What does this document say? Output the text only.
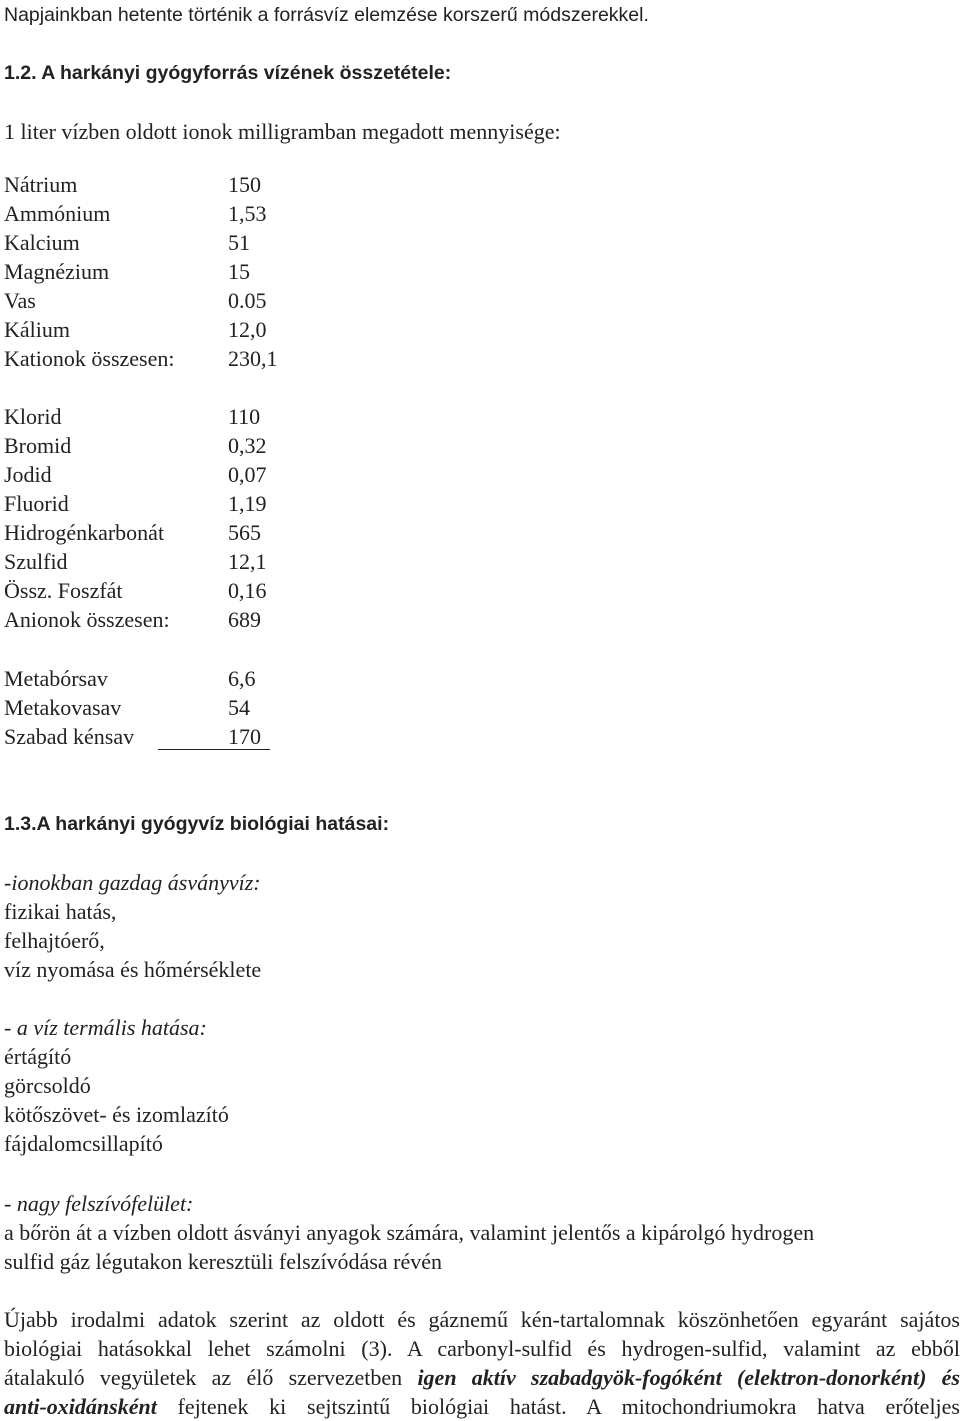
Napjainkban hetente történik a forrásvíz elemzése korszerű módszerekkel.
1.2. A harkányi gyógyforrás vízének összetétele:
1 liter vízben oldott ionok milligramban megadott mennyisége:
Nátrium	150
Ammónium	1,53
Kalcium	51
Magnézium	15
Vas	0.05
Kálium	12,0
Kationok összesen: 230,1
Klorid	110
Bromid	0,32
Jodid	0,07
Fluorid	1,19
Hidrogénkarbonát	565
Szulfid	12,1
Össz. Foszfát	0,16
Anionok összesen:	689
Metabórsav	6,6
Metakovasav	54
Szabad kénsav	170
1.3.A harkányi gyógyvíz biológiai hatásai:
-ionokban gazdag ásványvíz:
fizikai hatás,
felhajtóerő,
víz nyomása és hőmérséklete
- a víz termális hatása:
értágító
görcsoldó
kötőszövet- és izomlazító
fájdalomcsillapító
- nagy felszívófelület:
a bőrön át a vízben oldott ásványi anyagok számára, valamint jelentős a kipárolgó hydrogen
sulfid gáz légutakon keresztüli felszívódása révén
Újabb irodalmi adatok szerint az oldott és gáznemű kén-tartalomnak köszönhetően egyaránt sajátos
biológiai hatásokkal lehet számolni (3). A carbonyl-sulfid és hydrogen-sulfid, valamint az ebből
átalakuló vegyületek az élő szervezetben igen aktív szabadgyök-fogóként (elektron-donorként) és
anti-oxidánsként fejtenek ki sejtszintű biológiai hatást. A mitochondriumokra hatva erőteljes
